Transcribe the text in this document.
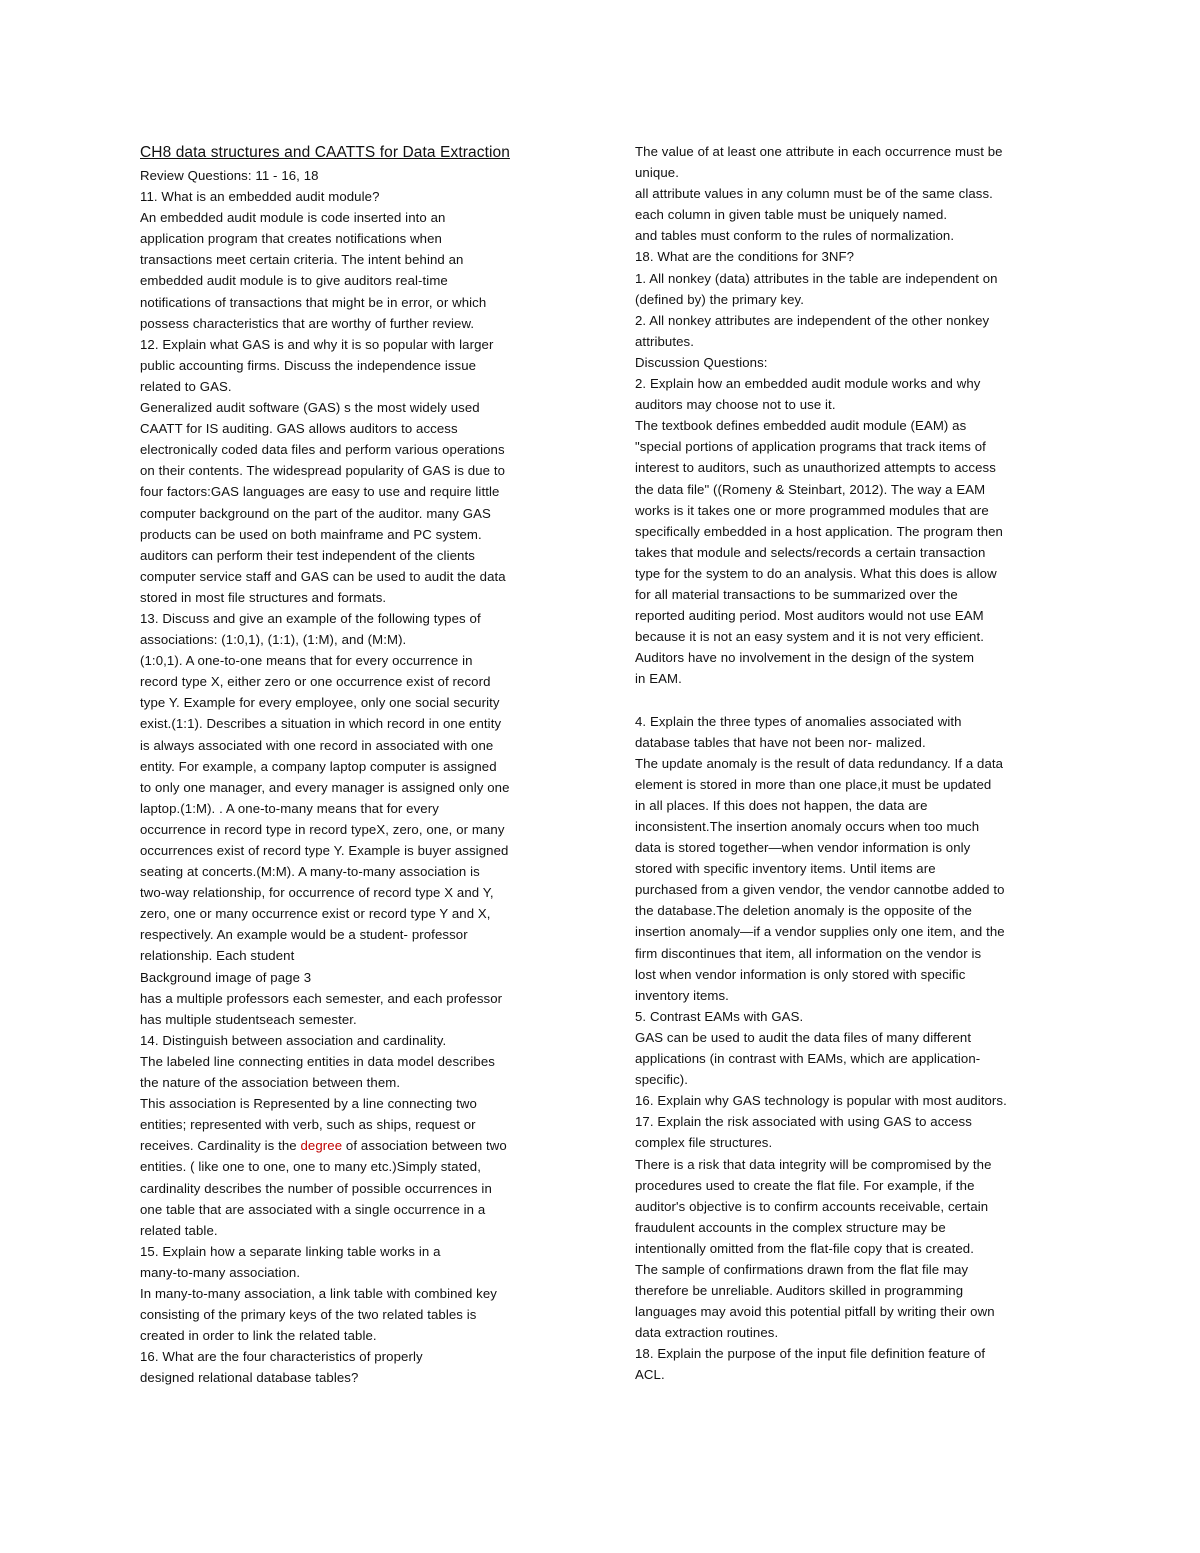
CH8 data structures and CAATTS for Data Extraction
Review Questions: 11 - 16, 18
11. What is an embedded audit module?
An embedded audit module is code inserted into an
application program that creates notifications when
transactions meet certain criteria. The intent behind an
embedded audit module is to give auditors real-time
notifications of transactions that might be in error, or which
possess characteristics that are worthy of further review.
12. Explain what GAS is and why it is so popular with larger
public accounting firms. Discuss the independence issue
related to GAS.
Generalized audit software (GAS) s the most widely used
CAATT for IS auditing. GAS allows auditors to access
electronically coded data files and perform various operations
on their contents. The widespread popularity of GAS is due to
four factors:GAS languages are easy to use and require little
computer background on the part of the auditor. many GAS
products can be used on both mainframe and PC system.
auditors can perform their test independent of the clients
computer service staff and GAS can be used to audit the data
stored in most file structures and formats.
13. Discuss and give an example of the following types of
associations: (1:0,1), (1:1), (1:M), and (M:M).
(1:0,1). A one-to-one means that for every occurrence in
record type X, either zero or one occurrence exist of record
type Y. Example for every employee, only one social security
exist.(1:1). Describes a situation in which record in one entity
is always associated with one record in associated with one
entity. For example, a company laptop computer is assigned
to only one manager, and every manager is assigned only one
laptop.(1:M). . A one-to-many means that for every
occurrence in record type in record typeX, zero, one, or many
occurrences exist of record type Y. Example is buyer assigned
seating at concerts.(M:M). A many-to-many association is
two-way relationship, for occurrence of record type X and Y,
zero, one or many occurrence exist or record type Y and X,
respectively. An example would be a student- professor
relationship. Each student
Background image of page 3
has a multiple professors each semester, and each professor
has multiple studentseach semester.
14. Distinguish between association and cardinality.
The labeled line connecting entities in data model describes
the nature of the association between them.
This association is Represented by a line connecting two
entities; represented with verb, such as ships, request or
receives. Cardinality is the degree of association between two
entities. ( like one to one, one to many etc.)Simply stated,
cardinality describes the number of possible occurrences in
one table that are associated with a single occurrence in a
related table.
15. Explain how a separate linking table works in a
many-to-many association.
In many-to-many association, a link table with combined key
consisting of the primary keys of the two related tables is
created in order to link the related table.
16. What are the four characteristics of properly
designed relational database tables?
The value of at least one attribute in each occurrence must be
unique.
all attribute values in any column must be of the same class.
each column in given table must be uniquely named.
and tables must conform to the rules of normalization.
18. What are the conditions for 3NF?
1. All nonkey (data) attributes in the table are independent on
(defined by) the primary key.
2. All nonkey attributes are independent of the other nonkey
attributes.
Discussion Questions:
2. Explain how an embedded audit module works and why
auditors may choose not to use it.
The textbook defines embedded audit module (EAM) as
"special portions of application programs that track items of
interest to auditors, such as unauthorized attempts to access
the data file" ((Romeny & Steinbart, 2012). The way a EAM
works is it takes one or more programmed modules that are
specifically embedded in a host application. The program then
takes that module and selects/records a certain transaction
type for the system to do an analysis. What this does is allow
for all material transactions to be summarized over the
reported auditing period. Most auditors would not use EAM
because it is not an easy system and it is not very efficient.
Auditors have no involvement in the design of the system
in EAM.
4. Explain the three types of anomalies associated with
database tables that have not been nor- malized.
The update anomaly is the result of data redundancy. If a data
element is stored in more than one place,it must be updated
in all places. If this does not happen, the data are
inconsistent.The insertion anomaly occurs when too much
data is stored together—when vendor information is only
stored with specific inventory items. Until items are
purchased from a given vendor, the vendor cannotbe added to
the database.The deletion anomaly is the opposite of the
insertion anomaly—if a vendor supplies only one item, and the
firm discontinues that item, all information on the vendor is
lost when vendor information is only stored with specific
inventory items.
5. Contrast EAMs with GAS.
GAS can be used to audit the data files of many different
applications (in contrast with EAMs, which are application-
specific).
16. Explain why GAS technology is popular with most auditors.
17. Explain the risk associated with using GAS to access
complex file structures.
There is a risk that data integrity will be compromised by the
procedures used to create the flat file. For example, if the
auditor's objective is to confirm accounts receivable, certain
fraudulent accounts in the complex structure may be
intentionally omitted from the flat-file copy that is created.
The sample of confirmations drawn from the flat file may
therefore be unreliable. Auditors skilled in programming
languages may avoid this potential pitfall by writing their own
data extraction routines.
18. Explain the purpose of the input file definition feature of
ACL.
